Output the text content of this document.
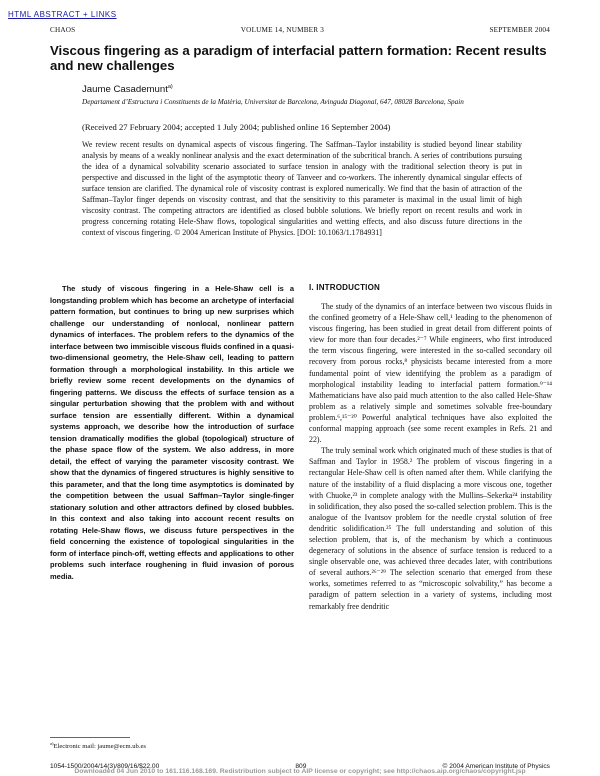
HTML ABSTRACT + LINKS
CHAOS	VOLUME 14, NUMBER 3	SEPTEMBER 2004
Viscous fingering as a paradigm of interfacial pattern formation: Recent results and new challenges
Jaume Casademunt$^{a)}$
Departament d’Estructura i Constituents de la Matèria, Universitat de Barcelona, Avinguda Diagonal, 647, 08028 Barcelona, Spain
(Received 27 February 2004; accepted 1 July 2004; published online 16 September 2004)
We review recent results on dynamical aspects of viscous fingering. The Saffman–Taylor instability is studied beyond linear stability analysis by means of a weakly nonlinear analysis and the exact determination of the subcritical branch. A series of contributions pursuing the idea of a dynamical solvability scenario associated to surface tension in analogy with the traditional selection theory is put in perspective and discussed in the light of the asymptotic theory of Tanveer and co-workers. The inherently dynamical singular effects of surface tension are clarified. The dynamical role of viscosity contrast is explored numerically. We find that the basin of attraction of the Saffman–Taylor finger depends on viscosity contrast, and that the sensitivity to this parameter is maximal in the usual limit of high viscosity contrast. The competing attractors are identified as closed bubble solutions. We briefly report on recent results and work in progress concerning rotating Hele-Shaw flows, topological singularities and wetting effects, and also discuss future directions in the context of viscous fingering. © 2004 American Institute of Physics. [DOI: 10.1063/1.1784931]

The study of viscous fingering in a Hele-Shaw cell is a longstanding problem which has become an archetype of interfacial pattern formation, but continues to bring up new surprises which challenge our understanding of nonlocal, nonlinear pattern dynamics of interfaces. The problem refers to the dynamics of the interface between two immiscible viscous fluids confined in a quasi-two-dimensional geometry, the Hele-Shaw cell, leading to pattern formation through a morphological instability. In this article we briefly review some recent developments on the dynamics of fingering patterns. We discuss the effects of surface tension as a singular perturbation showing that the problem with and without surface tension are essentially different. Within a dynamical systems approach, we describe how the introduction of surface tension dramatically modifies the global (topological) structure of the phase space flow of the system. We also address, in more detail, the effect of varying the parameter viscosity contrast. We show that the dynamics of fingered structures is highly sensitive to this parameter, and that the long time asymptotics is dominated by the competition between the usual Saffman–Taylor single-finger stationary solution and other attractors defined by closed bubbles. In this context and also taking into account recent results on rotating Hele-Shaw flows, we discuss future perspectives in the field concerning the existence of topological singularities in the form of interface pinch-off, wetting effects and applications to other problems such interface roughening in fluid invasion of porous media.

$^{a)}$Electronic mail: jaume@ecm.ub.es
I. INTRODUCTION

The study of the dynamics of an interface between two viscous fluids in the confined geometry of a Hele-Shaw cell,¹ leading to the phenomenon of viscous fingering, has been studied in great detail from different points of view for more than four decades.²⁻⁷ While engineers, who first introduced the term viscous fingering, were interested in the so-called secondary oil recovery from porous rocks,⁸ physicists became interested from a more fundamental point of view identifying the problem as a paradigm of morphological instability leading to interfacial pattern formation.⁹⁻¹⁴ Mathematicians have also paid much attention to the also called Hele-Shaw problem as a relatively simple and sometimes solvable free-boundary problem.⁶,¹⁵⁻²⁰ Powerful analytical techniques have also exploited the conformal mapping approach (see some recent examples in Refs. 21 and 22).

The truly seminal work which originated much of these studies is that of Saffman and Taylor in 1958.² The problem of viscous fingering in a rectangular Hele-Shaw cell is often named after them. While clarifying the nature of the instability of a fluid displacing a more viscous one, together with Chuoke,²³ in complete analogy with the Mullins–Sekerka²⁴ instability in solidification, they also posed the so-called selection problem. This is the analogue of the Ivantsov problem for the needle crystal solution of free dendritic solidification.²⁵ The full understanding and solution of this selection problem, that is, of the mechanism by which a continuous degeneracy of solutions in the absence of surface tension is reduced to a single observable one, was achieved three decades later, with contributions of several authors.²⁶⁻²⁹ The selection scenario that emerged from these works, sometimes referred to as “microscopic solvability,” has become a paradigm of pattern selection in a variety of systems, including most remarkably free dendritic

1054-1500/2004/14(3)/809/16/$22.00	809	© 2004 American Institute of Physics
Downloaded 04 Jun 2010 to 161.116.168.169. Redistribution subject to AIP license or copyright; see http://chaos.aip.org/chaos/copyright.jsp
